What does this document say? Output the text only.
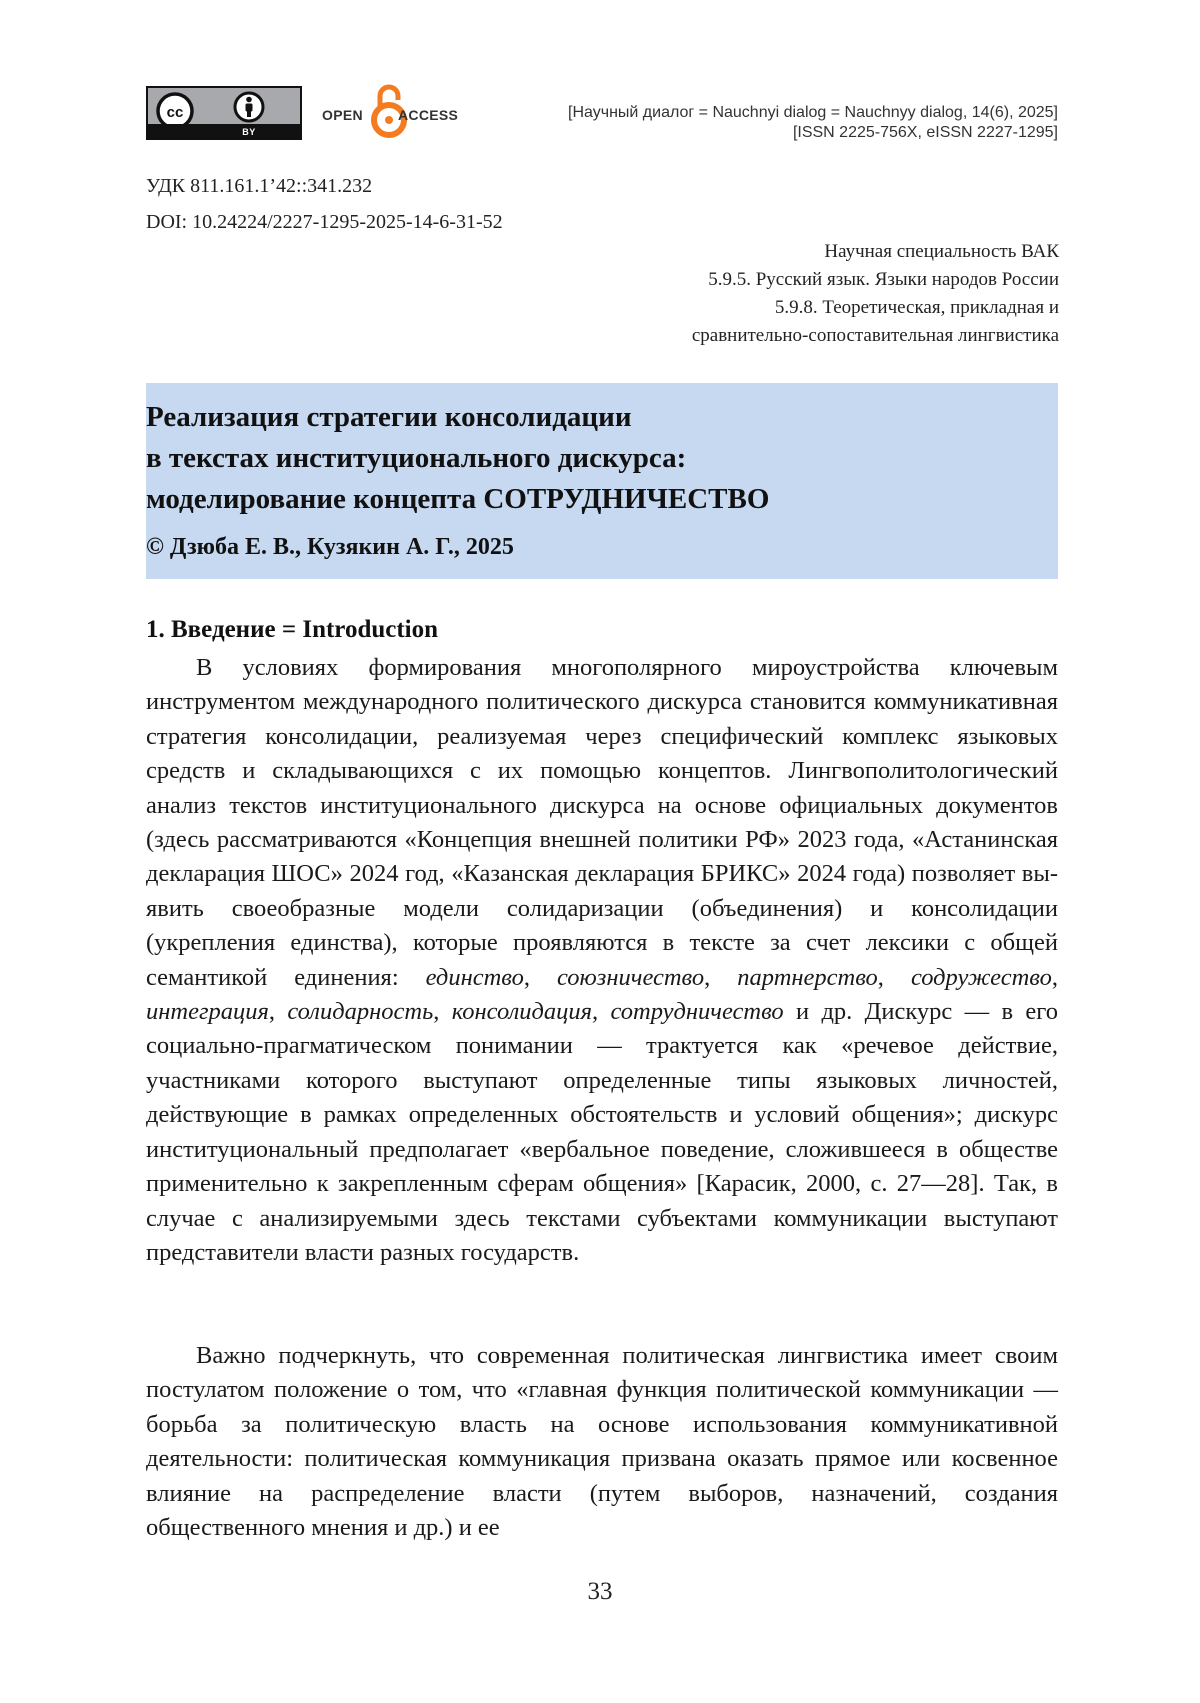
cc
BY
OPEN	ACCESS	[Научный диалог = Nauchnyi dialog = Nauchnyy dialog, 14(6), 2025]
[ISSN 2225-756X, eISSN 2227-1295]
УДК 811.161.1’42::341.232
DOI: 10.24224/2227-1295-2025-14-6-31-52
Научная специальность ВАК
5.9.5. Русский язык. Языки народов России
5.9.8. Теоретическая, прикладная и
сравнительно-сопоставительная лингвистика
Реализация стратегии консолидации
в текстах институционального дискурса:
моделирование концепта СОТРУДНИЧЕСТВО
© Дзюба Е. В., Кузякин А. Г., 2025
1. Введение = Introduction

В условиях формирования многополярного мироустройства ключевым инструментом международного политического дискурса становится коммуникативная стратегия консолидации, реализуемая через специфический комплекс языковых средств и складывающихся с их помощью концептов. Лингвополитологический анализ текстов институционального дискурса на основе официальных документов (здесь рассматриваются «Концепция внешней политики РФ» 2023 года, «Астанинская декларация ШОС» 2024 год, «Казанская декларация БРИКС» 2024 года) позволяет выявить своеобразные модели солидаризации (объединения) и консолидации (укрепления единства), которые проявляются в тексте за счет лексики с общей семантикой единения: единство, союзничество, партнерство, содружество, интеграция, солидарность, консолидация, сотрудничество и др. Дискурс — в его социально-прагматическом понимании — трактуется как «речевое действие, участниками которого выступают определенные типы языковых личностей, действующие в рамках определенных обстоятельств и условий общения»; дискурс институциональный предполагает «вербальное поведение, сложившееся в обществе применительно к закрепленным сферам общения» [Карасик, 2000, с. 27—28]. Так, в случае с анализируемыми здесь текстами субъектами коммуникации выступают представители власти разных государств.

Важно подчеркнуть, что современная политическая лингвистика имеет своим постулатом положение о том, что «главная функция политической коммуникации — борьба за политическую власть на основе использования коммуникативной деятельности: политическая коммуникация призвана оказать прямое или косвенное влияние на распределение власти (путем выборов, назначений, создания общественного мнения и др.) и ее

33
